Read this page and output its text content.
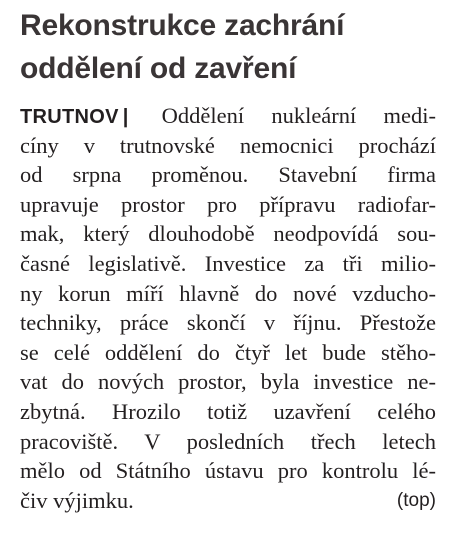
Rekonstrukce zachrání
oddělení od zavření
TRUTNOV | Oddělení nukleární medi-
cíny v trutnovské nemocnici prochází
od srpna proměnou. Stavební firma
upravuje prostor pro přípravu radiofar-
mak, který dlouhodobě neodpovídá sou-
časné legislativě. Investice za tři milio-
ny korun míří hlavně do nové vzducho-
techniky, práce skončí v říjnu. Přestože
se celé oddělení do čtyř let bude stěho-
vat do nových prostor, byla investice ne-
zbytná. Hrozilo totiž uzavření celého
pracoviště. V posledních třech letech
mělo od Státního ústavu pro kontrolu lé-
čiv výjimku.	(top)
